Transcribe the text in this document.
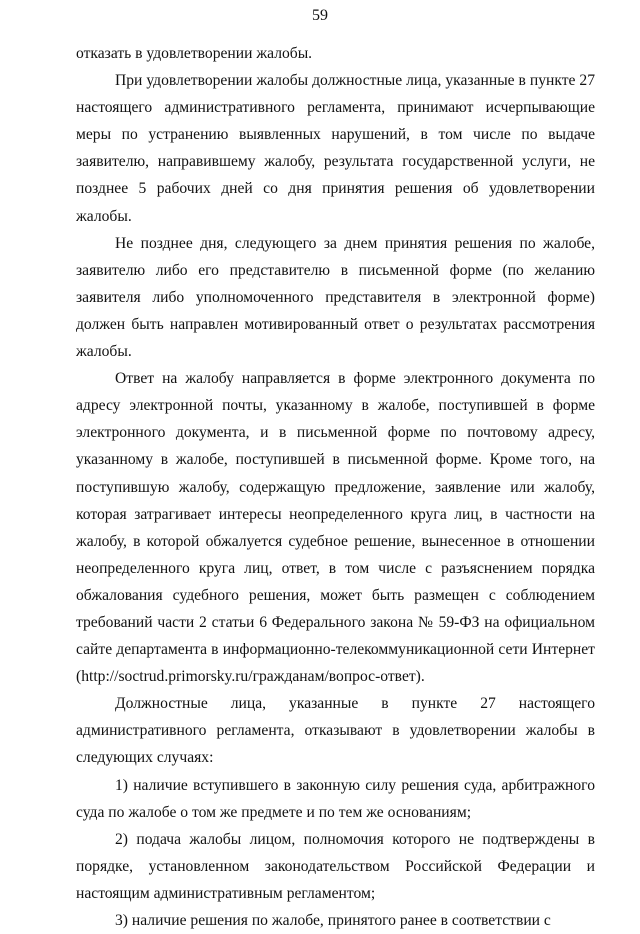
59

отказать в удовлетворении жалобы.

При удовлетворении жалобы должностные лица, указанные в пункте 27 настоящего административного регламента, принимают исчерпывающие меры по устранению выявленных нарушений, в том числе по выдаче заявителю, направившему жалобу, результата государственной услуги, не позднее 5 рабочих дней со дня принятия решения об удовлетворении жалобы.

Не позднее дня, следующего за днем принятия решения по жалобе, заявителю либо его представителю в письменной форме (по желанию заявителя либо уполномоченного представителя в электронной форме) должен быть направлен мотивированный ответ о результатах рассмотрения жалобы.

Ответ на жалобу направляется в форме электронного документа по адресу электронной почты, указанному в жалобе, поступившей в форме электронного документа, и в письменной форме по почтовому адресу, указанному в жалобе, поступившей в письменной форме. Кроме того, на поступившую жалобу, содержащую предложение, заявление или жалобу, которая затрагивает интересы неопределенного круга лиц, в частности на жалобу, в которой обжалуется судебное решение, вынесенное в отношении неопределенного круга лиц, ответ, в том числе с разъяснением порядка обжалования судебного решения, может быть размещен с соблюдением требований части 2 статьи 6 Федерального закона № 59-ФЗ на официальном сайте департамента в информационно-телекоммуникационной сети Интернет (http://soctrud.primorsky.ru/гражданам/вопрос-ответ).

Должностные лица, указанные в пункте 27 настоящего административного регламента, отказывают в удовлетворении жалобы в следующих случаях:

1) наличие вступившего в законную силу решения суда, арбитражного суда по жалобе о том же предмете и по тем же основаниям;

2) подача жалобы лицом, полномочия которого не подтверждены в порядке, установленном законодательством Российской Федерации и настоящим административным регламентом;

3) наличие решения по жалобе, принятого ранее в соответствии с
